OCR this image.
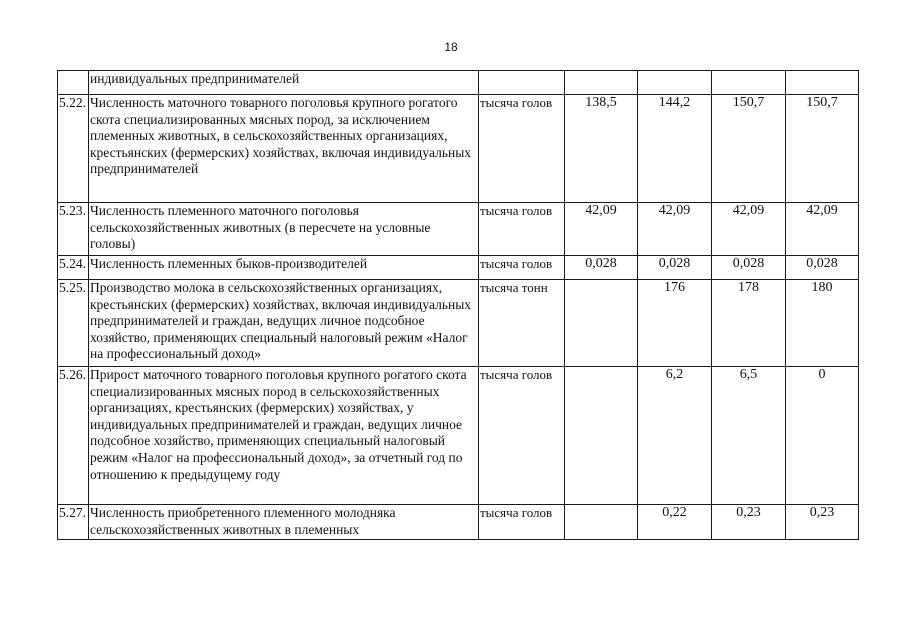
18
	индивидуальных предпринимателей					
5.22.	Численность маточного товарного поголовья крупного рогатого скота специализированных мясных пород, за исключением племенных животных, в сельскохозяйственных организациях, крестьянских (фермерских) хозяйствах, включая индивидуальных предпринимателей	тысяча голов	138,5	144,2	150,7	150,7
5.23.	Численность племенного маточного поголовья сельскохозяйственных животных (в пересчете на условные головы)	тысяча голов	42,09	42,09	42,09	42,09
5.24.	Численность племенных быков-производителей	тысяча голов	0,028	0,028	0,028	0,028
5.25.	Производство молока в сельскохозяйственных организациях, крестьянских (фермерских) хозяйствах, включая индивидуальных предпринимателей и граждан, ведущих личное подсобное хозяйство, применяющих специальный налоговый режим «Налог на профессиональный доход»	тысяча тонн		176	178	180
5.26.	Прирост маточного товарного поголовья крупного рогатого скота специализированных мясных пород в сельскохозяйственных организациях, крестьянских (фермерских) хозяйствах, у индивидуальных предпринимателей и граждан, ведущих личное подсобное хозяйство, применяющих специальный налоговый режим «Налог на профессиональный доход», за отчетный год по отношению к предыдущему году	тысяча голов		6,2	6,5	0
5.27.	Численность приобретенного племенного молодняка сельскохозяйственных животных в племенных	тысяча голов		0,22	0,23	0,23
